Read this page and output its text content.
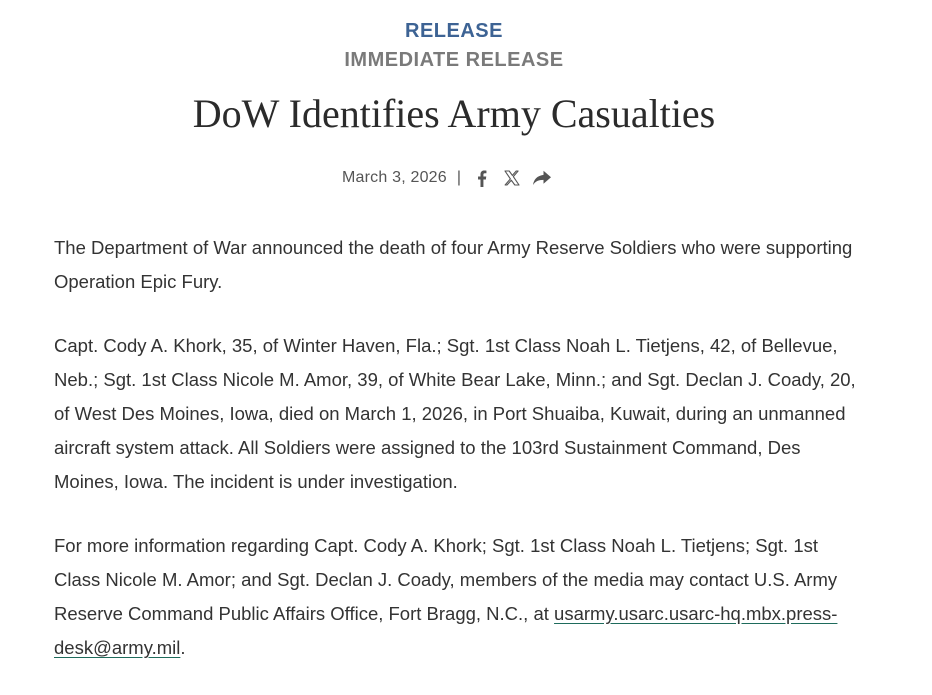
RELEASE
IMMEDIATE RELEASE
DoW Identifies Army Casualties
March 3, 2026 |

The Department of War announced the death of four Army Reserve Soldiers who were supporting Operation Epic Fury.

Capt. Cody A. Khork, 35, of Winter Haven, Fla.; Sgt. 1st Class Noah L. Tietjens, 42, of Bellevue, Neb.; Sgt. 1st Class Nicole M. Amor, 39, of White Bear Lake, Minn.; and Sgt. Declan J. Coady, 20, of West Des Moines, Iowa, died on March 1, 2026, in Port Shuaiba, Kuwait, during an unmanned aircraft system attack. All Soldiers were assigned to the 103rd Sustainment Command, Des Moines, Iowa. The incident is under investigation.

For more information regarding Capt. Cody A. Khork; Sgt. 1st Class Noah L. Tietjens; Sgt. 1st Class Nicole M. Amor; and Sgt. Declan J. Coady, members of the media may contact U.S. Army Reserve Command Public Affairs Office, Fort Bragg, N.C., at usarmy.usarc.usarc-hq.mbx.press-desk@army.mil.
